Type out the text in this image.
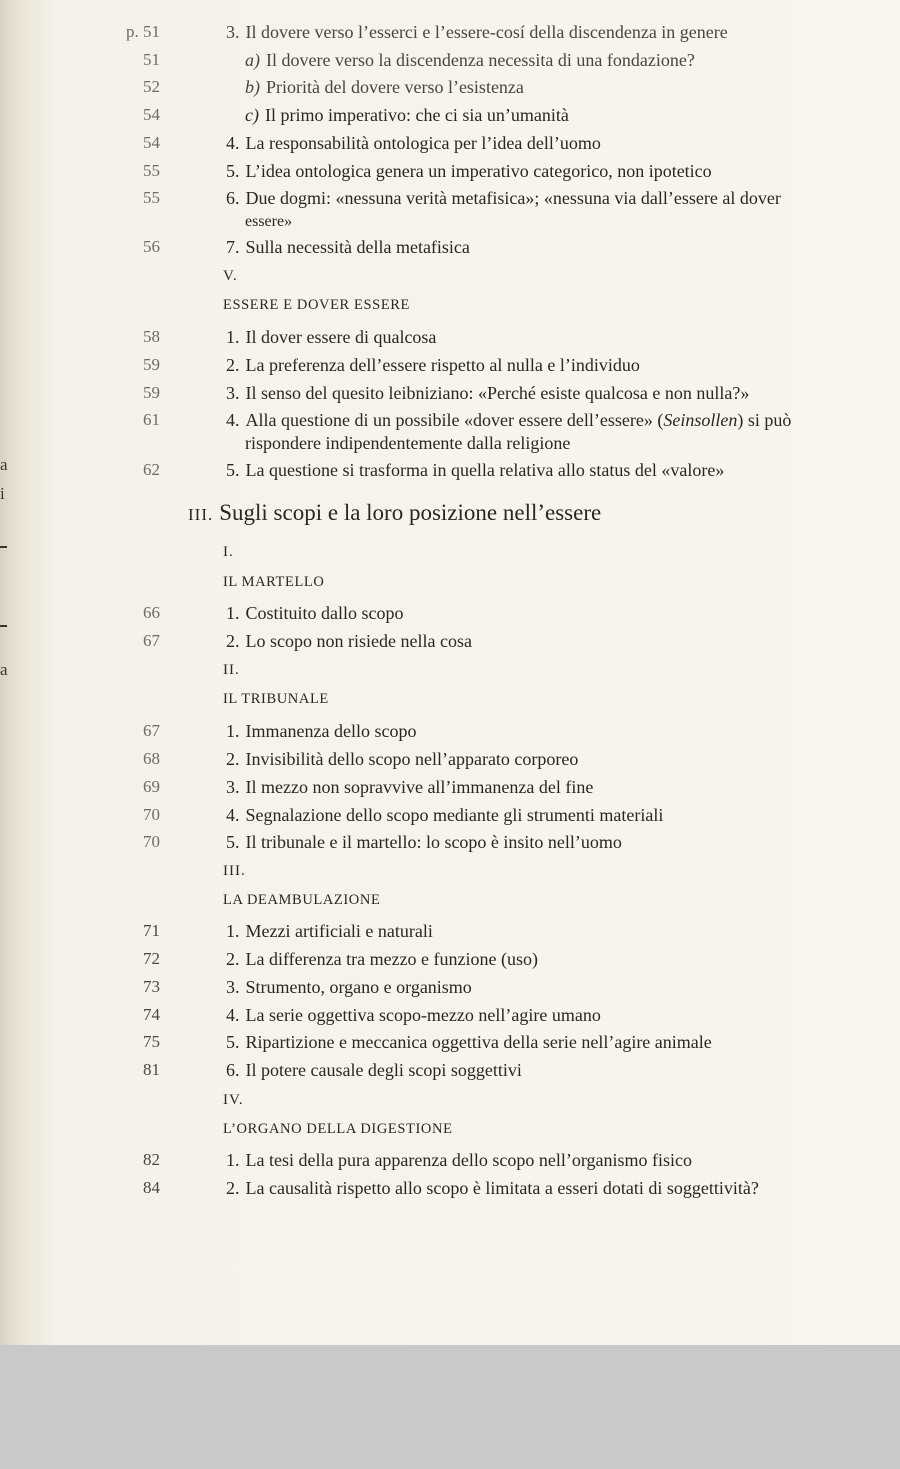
a
i
a
p. 51	3. Il dovere verso l’esserci e l’essere-cosí della discendenza in genere
51	a) Il dovere verso la discendenza necessita di una fondazione?
52	b) Priorità del dovere verso l’esistenza
54	c) Il primo imperativo: che ci sia un’umanità
54	4. La responsabilità ontologica per l’idea dell’uomo
55	5. L’idea ontologica genera un imperativo categorico, non ipotetico
55	6. Due dogmi: «nessuna verità metafisica»; «nessuna via dall’essere al dover
essere»
56	7. Sulla necessità della metafisica
V.
ESSERE E DOVER ESSERE
58	1. Il dover essere di qualcosa
59	2. La preferenza dell’essere rispetto al nulla e l’individuo
59	3. Il senso del quesito leibniziano: «Perché esiste qualcosa e non nulla?»
61	4. Alla questione di un possibile «dover essere dell’essere» (Seinsollen) si può
rispondere indipendentemente dalla religione
62	5. La questione si trasforma in quella relativa allo status del «valore»
III. Sugli scopi e la loro posizione nell’essere
I.
IL MARTELLO
66	1. Costituito dallo scopo
67	2. Lo scopo non risiede nella cosa
II.
IL TRIBUNALE
67	1. Immanenza dello scopo
68	2. Invisibilità dello scopo nell’apparato corporeo
69	3. Il mezzo non sopravvive all’immanenza del fine
70	4. Segnalazione dello scopo mediante gli strumenti materiali
70	5. Il tribunale e il martello: lo scopo è insito nell’uomo
III.
LA DEAMBULAZIONE
71	1. Mezzi artificiali e naturali
72	2. La differenza tra mezzo e funzione (uso)
73	3. Strumento, organo e organismo
74	4. La serie oggettiva scopo-mezzo nell’agire umano
75	5. Ripartizione e meccanica oggettiva della serie nell’agire animale
81	6. Il potere causale degli scopi soggettivi
IV.
L’ORGANO DELLA DIGESTIONE
82	1. La tesi della pura apparenza dello scopo nell’organismo fisico
84	2. La causalità rispetto allo scopo è limitata a esseri dotati di soggettività?
